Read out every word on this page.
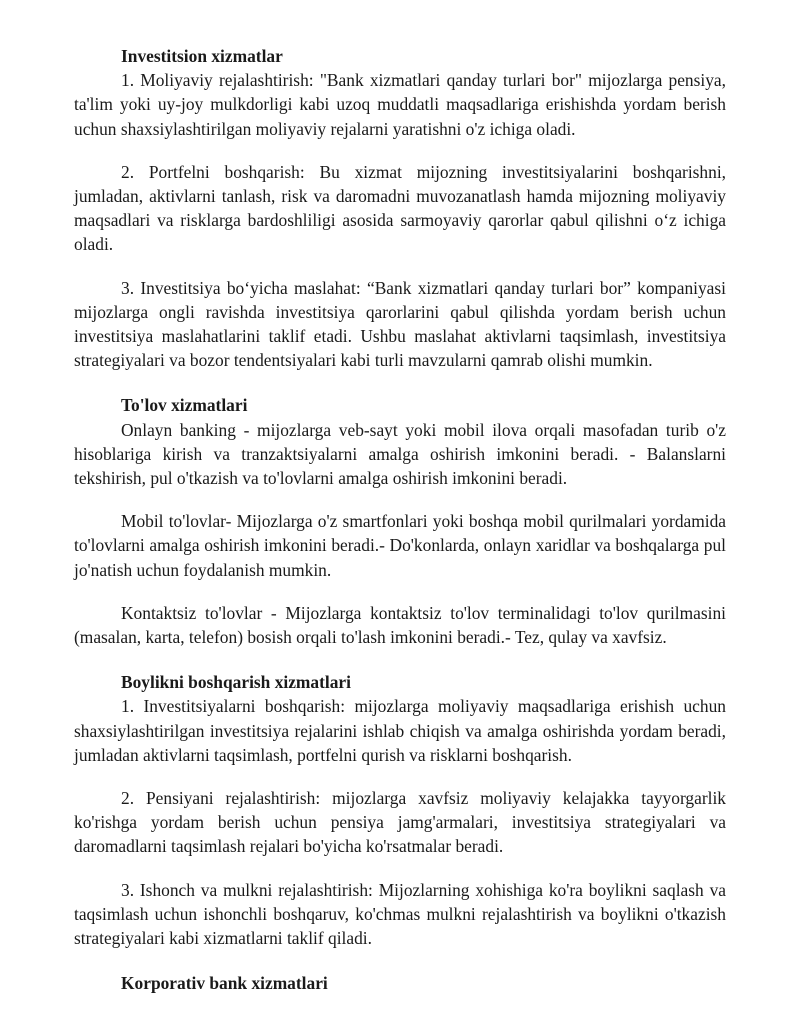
Investitsion xizmatlar

1. Moliyaviy rejalashtirish: "Bank xizmatlari qanday turlari bor" mijozlarga pensiya, ta'lim yoki uy-joy mulkdorligi kabi uzoq muddatli maqsadlariga erishishda yordam berish uchun shaxsiylashtirilgan moliyaviy rejalarni yaratishni o'z ichiga oladi.

2. Portfelni boshqarish: Bu xizmat mijozning investitsiyalarini boshqarishni, jumladan, aktivlarni tanlash, risk va daromadni muvozanatlash hamda mijozning moliyaviy maqsadlari va risklarga bardoshliligi asosida sarmoyaviy qarorlar qabul qilishni o‘z ichiga oladi.

3. Investitsiya bo‘yicha maslahat: “Bank xizmatlari qanday turlari bor” kompaniyasi mijozlarga ongli ravishda investitsiya qarorlarini qabul qilishda yordam berish uchun investitsiya maslahatlarini taklif etadi. Ushbu maslahat aktivlarni taqsimlash, investitsiya strategiyalari va bozor tendentsiyalari kabi turli mavzularni qamrab olishi mumkin.

To'lov xizmatlari

Onlayn banking - mijozlarga veb-sayt yoki mobil ilova orqali masofadan turib o'z hisoblariga kirish va tranzaktsiyalarni amalga oshirish imkonini beradi. - Balanslarni tekshirish, pul o'tkazish va to'lovlarni amalga oshirish imkonini beradi.

Mobil to'lovlar- Mijozlarga o'z smartfonlari yoki boshqa mobil qurilmalari yordamida to'lovlarni amalga oshirish imkonini beradi.- Do'konlarda, onlayn xaridlar va boshqalarga pul jo'natish uchun foydalanish mumkin.

Kontaktsiz to'lovlar - Mijozlarga kontaktsiz to'lov terminalidagi to'lov qurilmasini (masalan, karta, telefon) bosish orqali to'lash imkonini beradi.- Tez, qulay va xavfsiz.

Boylikni boshqarish xizmatlari

1. Investitsiyalarni boshqarish: mijozlarga moliyaviy maqsadlariga erishish uchun shaxsiylashtirilgan investitsiya rejalarini ishlab chiqish va amalga oshirishda yordam beradi, jumladan aktivlarni taqsimlash, portfelni qurish va risklarni boshqarish.

2. Pensiyani rejalashtirish: mijozlarga xavfsiz moliyaviy kelajakka tayyorgarlik ko'rishga yordam berish uchun pensiya jamg'armalari, investitsiya strategiyalari va daromadlarni taqsimlash rejalari bo'yicha ko'rsatmalar beradi.

3. Ishonch va mulkni rejalashtirish: Mijozlarning xohishiga ko'ra boylikni saqlash va taqsimlash uchun ishonchli boshqaruv, ko'chmas mulkni rejalashtirish va boylikni o'tkazish strategiyalari kabi xizmatlarni taklif qiladi.

Korporativ bank xizmatlari
